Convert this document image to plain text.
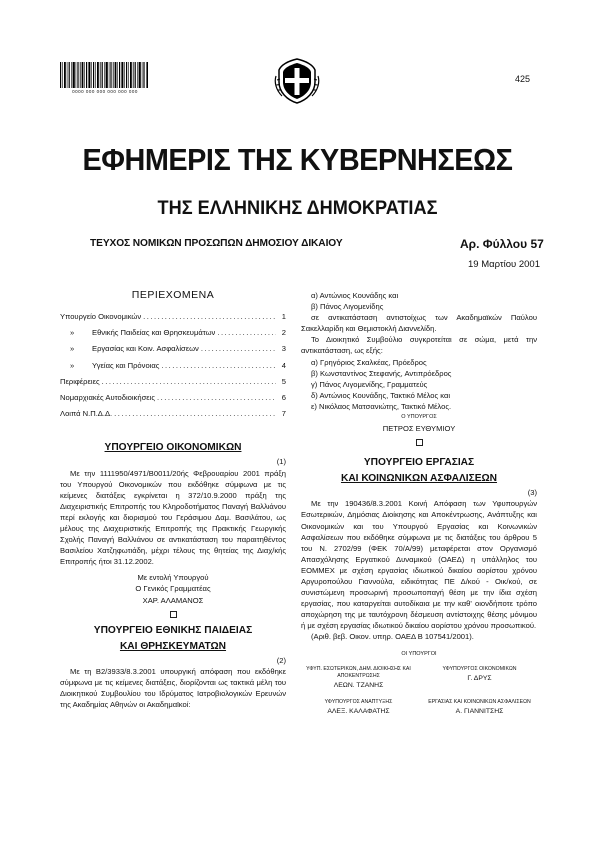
0000 000 000 000 000 000
425
ΕΦΗΜΕΡΙΣ ΤΗΣ ΚΥΒΕΡΝΗΣΕΩΣ
ΤΗΣ ΕΛΛΗΝΙΚΗΣ ΔΗΜΟΚΡΑΤΙΑΣ
ΤΕΥΧΟΣ ΝΟΜΙΚΩΝ ΠΡΟΣΩΠΩΝ ΔΗΜΟΣΙΟΥ ΔΙΚΑΙΟΥ	Αρ. Φύλλου 57
19 Μαρτίου 2001
ΠΕΡΙΕΧΟΜΕΝΑ
Υπουργείο Οικονομικών .....	1
»	Εθνικής Παιδείας και Θρησκευμάτων .....	2
»	Εργασίας και Κοιν. Ασφαλίσεων .....	3
»	Υγείας και Πρόνοιας .....	4
Περιφέρειες .....	5
Νομαρχιακές Αυτοδιοικήσεις .....	6
Λοιπά Ν.Π.Δ.Δ. .....	7
ΥΠΟΥΡΓΕΙΟ ΟΙΚΟΝΟΜΙΚΩΝ
(1)

Με την 1111950/4971/Β0011/20ής Φεβρουαρίου 2001 πράξη του Υπουργού Οικονομικών που εκδόθηκε σύμφωνα με τις κείμενες διατάξεις εγκρίνεται η 372/10.9.2000 πράξη της Διαχειριστικής Επιτροπής του Κληροδοτήματος Παναγή Βαλλιάνου περί εκλογής και διορισμού του Γεράσιμου Δαμ. Βασιλάτου, ως μέλους της Διαχειριστικής Επιτροπής της Πρακτικής Γεωργικής Σχολής Παναγή Βαλλιάνου σε αντικατάσταση του παραιτηθέντος Βασιλείου Χατζηφωτιάδη, μέχρι τέλους της θητείας της Διαχ/κής Επιτροπής ήτοι 31.12.2002.

Με εντολή Υπουργού
Ο Γενικός Γραμματέας
ΧΑΡ. ΑΛΑΜΑΝΟΣ
ΥΠΟΥΡΓΕΙΟ ΕΘΝΙΚΗΣ ΠΑΙΔΕΙΑΣ
ΚΑΙ ΘΡΗΣΚΕΥΜΑΤΩΝ
(2)

Με τη Β2/3933/8.3.2001 υπουργική απόφαση που εκδόθηκε σύμφωνα με τις κείμενες διατάξεις, διορίζονται ως τακτικά μέλη του Διοικητικού Συμβουλίου του Ιδρύματος Ιατροβιολογικών Ερευνών της Ακαδημίας Αθηνών οι Ακαδημαϊκοί:

α) Αντώνιος Κουνάδης και

β) Πάνος Λιγομενίδης

σε αντικατάσταση αντιστοίχως των Ακαδημαϊκών Παύλου Σακελλαρίδη και Θεμιστοκλή Διαννελίδη.

Το Διοικητικό Συμβούλιο συγκροτείται σε σώμα, μετά την αντικατάσταση, ως εξής:

α) Γρηγόριος Σκαλκέας, Πρόεδρος

β) Κωνσταντίνος Στεφανής, Αντιπρόεδρος

γ) Πάνος Λιγομενίδης, Γραμματεύς

δ) Αντώνιος Κουνάδης, Τακτικό Μέλος και

ε) Νικόλαος Ματσανιώτης, Τακτικό Μέλος.

Ο ΥΠΟΥΡΓΟΣ
ΠΕΤΡΟΣ ΕΥΘΥΜΙΟΥ
ΥΠΟΥΡΓΕΙΟ ΕΡΓΑΣΙΑΣ
ΚΑΙ ΚΟΙΝΩΝΙΚΩΝ ΑΣΦΑΛΙΣΕΩΝ
(3)

Με την 190436/8.3.2001 Κοινή Απόφαση των Υφυπουργών Εσωτερικών, Δημόσιας Διοίκησης και Αποκέντρωσης, Ανάπτυξης και Οικονομικών και του Υπουργού Εργασίας και Κοινωνικών Ασφαλίσεων που εκδόθηκε σύμφωνα με τις διατάξεις του άρθρου 5 του Ν. 2702/99 (ΦΕΚ 70/Α/99) μεταφέρεται στον Οργανισμό Απασχόλησης Εργατικού Δυναμικού (ΟΑΕΔ) η υπάλληλος του ΕΟΜΜΕΧ με σχέση εργασίας ιδιωτικού δικαίου αορίστου χρόνου Αργυροπούλου Γιαννούλα, ειδικότητας ΠΕ Δ/κού - Οικ/κού, σε συνιστώμενη προσωρινή προσωποπαγή θέση με την ίδια σχέση εργασίας, που καταργείται αυτοδίκαια με την καθ' οιονδήποτε τρόπο αποχώρηση της με ταυτόχρονη δέσμευση αντίστοιχης θέσης μόνιμου ή με σχέση εργασίας ιδιωτικού δικαίου αορίστου χρόνου προσωπικού.

(Αριθ. βεβ. Οικον. υπηρ. ΟΑΕΔ Β 107541/2001).

ΟΙ ΥΠΟΥΡΓΟΙ
ΥΦΥΠ. ΕΣΩΤΕΡΙΚΩΝ, ΔΗΜ. ΔΙΟΙΚΗΣΗΣ ΚΑΙ ΑΠΟΚΕΝΤΡΩΣΗΣ
ΛΕΩΝ. ΤΖΑΝΗΣ
ΥΦΥΠΟΥΡΓΟΣ ΟΙΚΟΝΟΜΙΚΩΝ
Γ. ΔΡΥΣ
ΥΦΥΠΟΥΡΓΟΣ ΑΝΑΠΤΥΞΗΣ
ΑΛΕΞ. ΚΑΛΑΦΑΤΗΣ
ΕΡΓΑΣΙΑΣ ΚΑΙ ΚΟΙΝΩΝΙΚΩΝ ΑΣΦΑΛΙΣΕΩΝ
Α. ΓΙΑΝΝΙΤΣΗΣ
